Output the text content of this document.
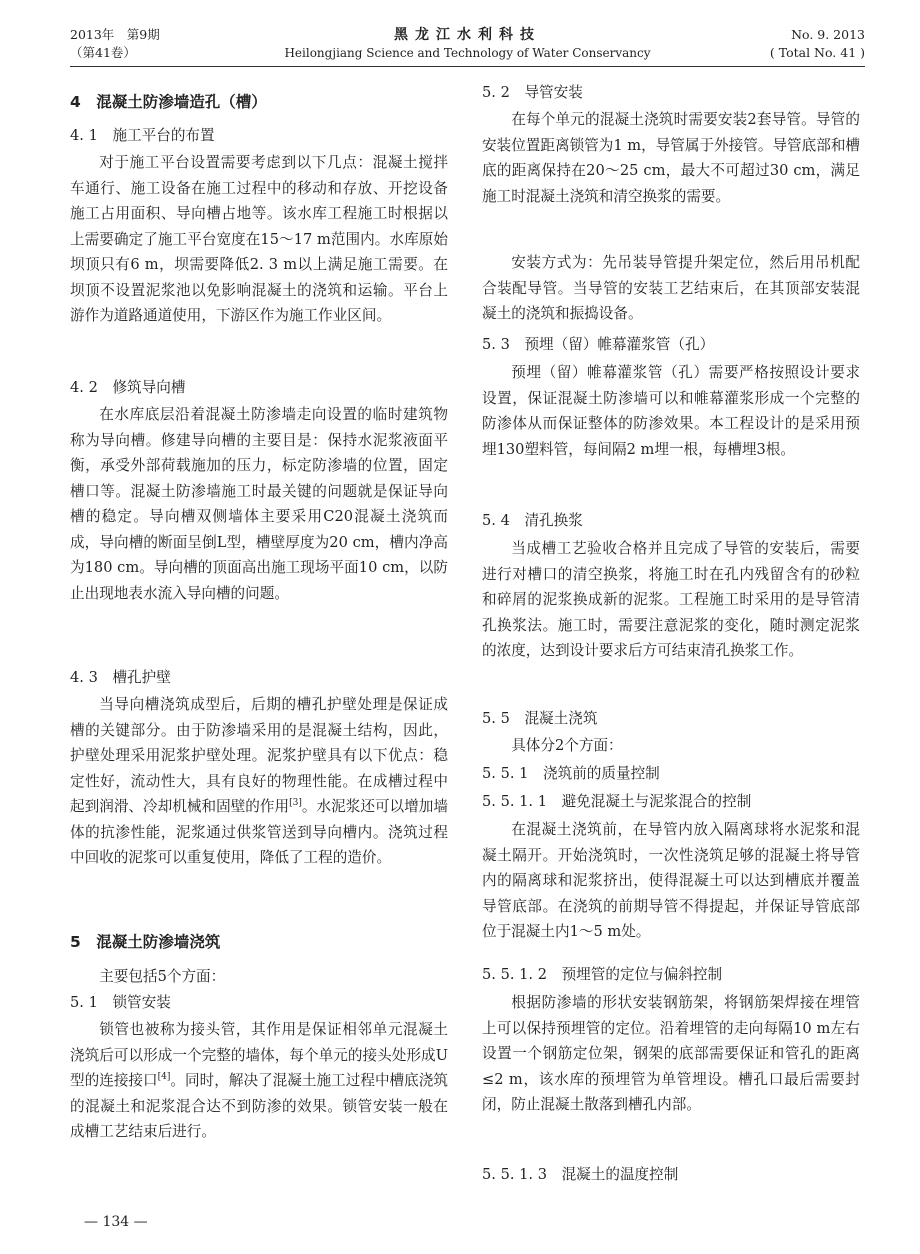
2013年　第9期
（第41卷）
黑龙江水利科技
Heilongjiang Science and Technology of Water Conservancy
No. 9. 2013
( Total No. 41 )
4　混凝土防渗墙造孔（槽）
4. 1　施工平台的布置
对于施工平台设置需要考虑到以下几点：混凝土搅拌车通行、施工设备在施工过程中的移动和存放、开挖设备施工占用面积、导向槽占地等。该水库工程施工时根据以上需要确定了施工平台宽度在15～17 m范围内。水库原始坝顶只有6 m，坝需要降低2. 3 m以上满足施工需要。在坝顶不设置泥浆池以免影响混凝土的浇筑和运输。平台上游作为道路通道使用，下游区作为施工作业区间。
4. 2　修筑导向槽
在水库底层沿着混凝土防渗墙走向设置的临时建筑物称为导向槽。修建导向槽的主要目是：保持水泥浆液面平衡，承受外部荷载施加的压力，标定防渗墙的位置，固定槽口等。混凝土防渗墙施工时最关键的问题就是保证导向槽的稳定。导向槽双侧墙体主要采用C20混凝土浇筑而成，导向槽的断面呈倒L型，槽壁厚度为20 cm，槽内净高为180 cm。导向槽的顶面高出施工现场平面10 cm，以防止出现地表水流入导向槽的问题。
4. 3　槽孔护壁
当导向槽浇筑成型后，后期的槽孔护壁处理是保证成槽的关键部分。由于防渗墙采用的是混凝土结构，因此，护壁处理采用泥浆护壁处理。泥浆护壁具有以下优点：稳定性好，流动性大，具有良好的物理性能。在成槽过程中起到润滑、冷却机械和固壁的作用[3]。水泥浆还可以增加墙体的抗渗性能，泥浆通过供浆管送到导向槽内。浇筑过程中回收的泥浆可以重复使用，降低了工程的造价。
5　混凝土防渗墙浇筑
主要包括5个方面：
5. 1　锁管安装
锁管也被称为接头管，其作用是保证相邻单元混凝土浇筑后可以形成一个完整的墙体，每个单元的接头处形成U型的连接接口[4]。同时，解决了混凝土施工过程中槽底浇筑的混凝土和泥浆混合达不到防渗的效果。锁管安装一般在成槽工艺结束后进行。
5. 2　导管安装
在每个单元的混凝土浇筑时需要安装2套导管。导管的安装位置距离锁管为1 m，导管属于外接管。导管底部和槽底的距离保持在20～25 cm，最大不可超过30 cm，满足施工时混凝土浇筑和清空换浆的需要。
安装方式为：先吊装导管提升架定位，然后用吊机配合装配导管。当导管的安装工艺结束后，在其顶部安装混凝土的浇筑和振捣设备。
5. 3　预埋（留）帷幕灌浆管（孔）
预埋（留）帷幕灌浆管（孔）需要严格按照设计要求设置，保证混凝土防渗墙可以和帷幕灌浆形成一个完整的防渗体从而保证整体的防渗效果。本工程设计的是采用预埋130塑料管，每间隔2 m埋一根，每槽埋3根。
5. 4　清孔换浆
当成槽工艺验收合格并且完成了导管的安装后，需要进行对槽口的清空换浆，将施工时在孔内残留含有的砂粒和碎屑的泥浆换成新的泥浆。工程施工时采用的是导管清孔换浆法。施工时，需要注意泥浆的变化，随时测定泥浆的浓度，达到设计要求后方可结束清孔换浆工作。
5. 5　混凝土浇筑
具体分2个方面：
5. 5. 1　浇筑前的质量控制
5. 5. 1. 1　避免混凝土与泥浆混合的控制
在混凝土浇筑前，在导管内放入隔离球将水泥浆和混凝土隔开。开始浇筑时，一次性浇筑足够的混凝土将导管内的隔离球和泥浆挤出，使得混凝土可以达到槽底并覆盖导管底部。在浇筑的前期导管不得提起，并保证导管底部位于混凝土内1～5 m处。
5. 5. 1. 2　预埋管的定位与偏斜控制
根据防渗墙的形状安装钢筋架，将钢筋架焊接在埋管上可以保持预埋管的定位。沿着埋管的走向每隔10 m左右设置一个钢筋定位架，钢架的底部需要保证和管孔的距离≤2 m，该水库的预埋管为单管埋设。槽孔口最后需要封闭，防止混凝土散落到槽孔内部。
5. 5. 1. 3　混凝土的温度控制
— 134 —
